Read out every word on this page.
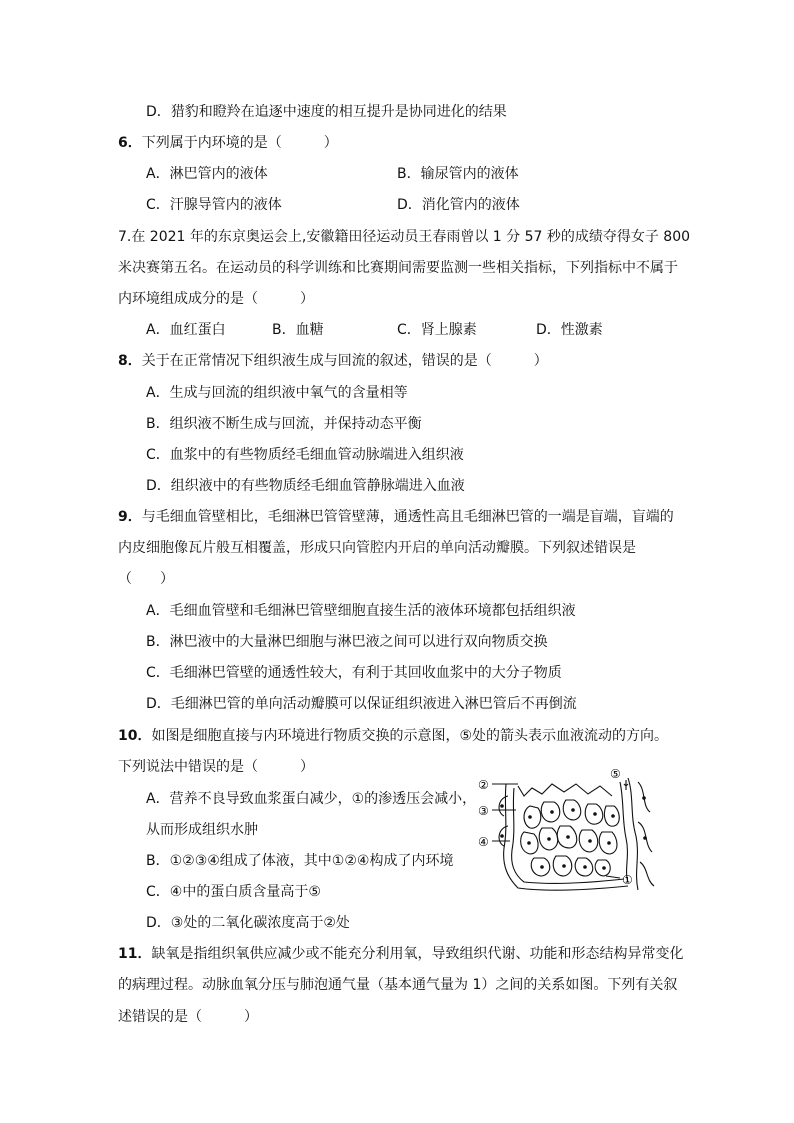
D．猎豹和瞪羚在追逐中速度的相互提升是协同进化的结果
6．下列属于内环境的是（　　　）
A．淋巴管内的液体	B．输尿管内的液体
C．汗腺导管内的液体	D．消化管内的液体
7.在 2021 年的东京奥运会上,安徽籍田径运动员王春雨曾以 1 分 57 秒的成绩夺得女子 800
米决赛第五名。在运动员的科学训练和比赛期间需要监测一些相关指标，下列指标中不属于
内环境组成成分的是（　　　）
A．血红蛋白	B．血糖	C．肾上腺素	D．性激素
8．关于在正常情况下组织液生成与回流的叙述，错误的是（　　　）
A．生成与回流的组织液中氧气的含量相等
B．组织液不断生成与回流，并保持动态平衡
C．血浆中的有些物质经毛细血管动脉端进入组织液
D．组织液中的有些物质经毛细血管静脉端进入血液
9．与毛细血管壁相比，毛细淋巴管管壁薄，通透性高且毛细淋巴管的一端是盲端，盲端的
内皮细胞像瓦片般互相覆盖，形成只向管腔内开启的单向活动瓣膜。下列叙述错误是
（　　）
A．毛细血管壁和毛细淋巴管壁细胞直接生活的液体环境都包括组织液
B．淋巴液中的大量淋巴细胞与淋巴液之间可以进行双向物质交换
C．毛细淋巴管壁的通透性较大，有利于其回收血浆中的大分子物质
D．毛细淋巴管的单向活动瓣膜可以保证组织液进入淋巴管后不再倒流
10．如图是细胞直接与内环境进行物质交换的示意图，⑤处的箭头表示血液流动的方向。
下列说法中错误的是（　　　）
A．营养不良导致血浆蛋白减少，①的渗透压会减小，
从而形成组织水肿
B．①②③④组成了体液，其中①②④构成了内环境
C．④中的蛋白质含量高于⑤
D．③处的二氧化碳浓度高于②处
②
③
④
⑤
①
11．缺氧是指组织氧供应减少或不能充分利用氧，导致组织代谢、功能和形态结构异常变化
的病理过程。动脉血氧分压与肺泡通气量（基本通气量为 1）之间的关系如图。下列有关叙
述错误的是（　　　）
